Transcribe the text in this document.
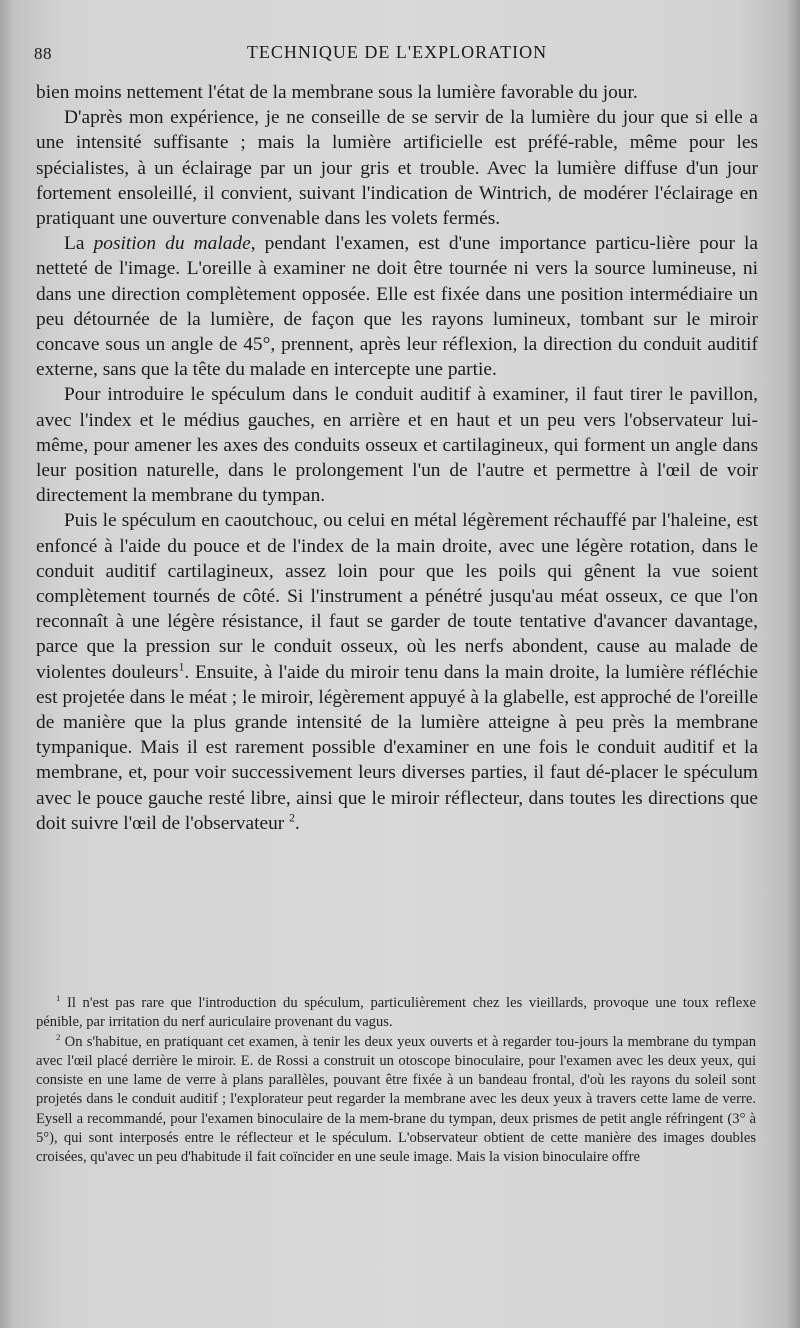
88	TECHNIQUE DE L'EXPLORATION

bien moins nettement l'état de la membrane sous la lumière favorable du jour.

D'après mon expérience, je ne conseille de se servir de la lumière du jour que si elle a une intensité suffisante ; mais la lumière artificielle est préfé-rable, même pour les spécialistes, à un éclairage par un jour gris et trouble. Avec la lumière diffuse d'un jour fortement ensoleillé, il convient, suivant l'indication de Wintrich, de modérer l'éclairage en pratiquant une ouverture convenable dans les volets fermés.

La position du malade, pendant l'examen, est d'une importance particu-lière pour la netteté de l'image. L'oreille à examiner ne doit être tournée ni vers la source lumineuse, ni dans une direction complètement opposée. Elle est fixée dans une position intermédiaire un peu détournée de la lumière, de façon que les rayons lumineux, tombant sur le miroir concave sous un angle de 45°, prennent, après leur réflexion, la direction du conduit auditif externe, sans que la tête du malade en intercepte une partie.

Pour introduire le spéculum dans le conduit auditif à examiner, il faut tirer le pavillon, avec l'index et le médius gauches, en arrière et en haut et un peu vers l'observateur lui-même, pour amener les axes des conduits osseux et cartilagineux, qui forment un angle dans leur position naturelle, dans le prolongement l'un de l'autre et permettre à l'œil de voir directement la membrane du tympan.

Puis le spéculum en caoutchouc, ou celui en métal légèrement réchauffé par l'haleine, est enfoncé à l'aide du pouce et de l'index de la main droite, avec une légère rotation, dans le conduit auditif cartilagineux, assez loin pour que les poils qui gênent la vue soient complètement tournés de côté. Si l'instrument a pénétré jusqu'au méat osseux, ce que l'on reconnaît à une légère résistance, il faut se garder de toute tentative d'avancer davantage, parce que la pression sur le conduit osseux, où les nerfs abondent, cause au malade de violentes douleurs$^1$. Ensuite, à l'aide du miroir tenu dans la main droite, la lumière réfléchie est projetée dans le méat ; le miroir, légèrement appuyé à la glabelle, est approché de l'oreille de manière que la plus grande intensité de la lumière atteigne à peu près la membrane tympanique. Mais il est rarement possible d'examiner en une fois le conduit auditif et la membrane, et, pour voir successivement leurs diverses parties, il faut dé-placer le spéculum avec le pouce gauche resté libre, ainsi que le miroir réflecteur, dans toutes les directions que doit suivre l'œil de l'observateur $^2$.

$^1$ Il n'est pas rare que l'introduction du spéculum, particulièrement chez les vieillards, provoque une toux reflexe pénible, par irritation du nerf auriculaire provenant du vagus.

$^2$ On s'habitue, en pratiquant cet examen, à tenir les deux yeux ouverts et à regarder tou-jours la membrane du tympan avec l'œil placé derrière le miroir. E. de Rossi a construit un otoscope binoculaire, pour l'examen avec les deux yeux, qui consiste en une lame de verre à plans parallèles, pouvant être fixée à un bandeau frontal, d'où les rayons du soleil sont projetés dans le conduit auditif ; l'explorateur peut regarder la membrane avec les deux yeux à travers cette lame de verre. Eysell a recommandé, pour l'examen binoculaire de la mem-brane du tympan, deux prismes de petit angle réfringent (3° à 5°), qui sont interposés entre le réflecteur et le spéculum. L'observateur obtient de cette manière des images doubles croisées, qu'avec un peu d'habitude il fait coïncider en une seule image. Mais la vision binoculaire offre
